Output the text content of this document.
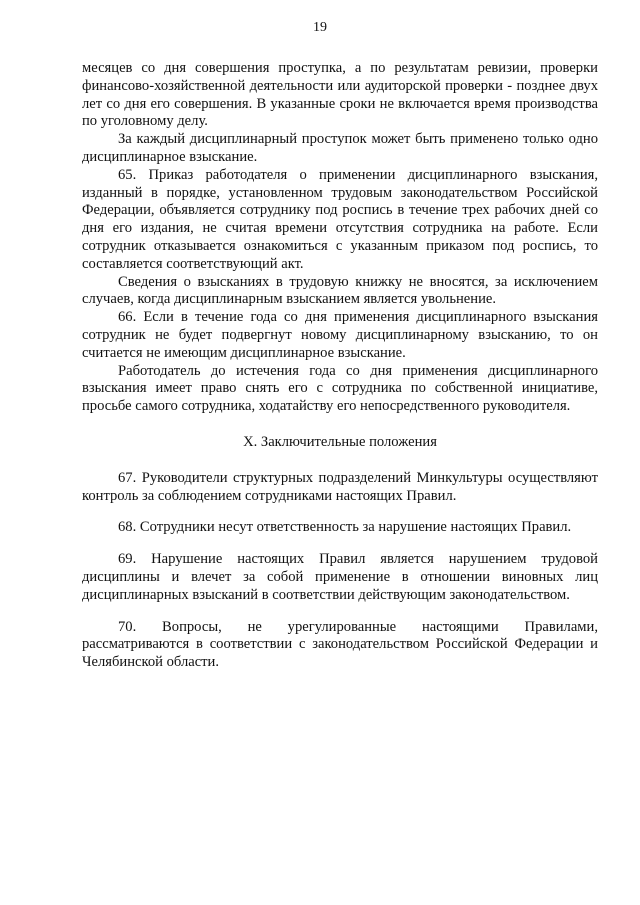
19

месяцев со дня совершения проступка, а по результатам ревизии, проверки финансово-хозяйственной деятельности или аудиторской проверки - позднее двух лет со дня его совершения. В указанные сроки не включается время производства по уголовному делу.

За каждый дисциплинарный проступок может быть применено только одно дисциплинарное взыскание.

65. Приказ работодателя о применении дисциплинарного взыскания, изданный в порядке, установленном трудовым законодательством Российской Федерации, объявляется сотруднику под роспись в течение трех рабочих дней со дня его издания, не считая времени отсутствия сотрудника на работе. Если сотрудник отказывается ознакомиться с указанным приказом под роспись, то составляется соответствующий акт.

Сведения о взысканиях в трудовую книжку не вносятся, за исключением случаев, когда дисциплинарным взысканием является увольнение.

66. Если в течение года со дня применения дисциплинарного взыскания сотрудник не будет подвергнут новому дисциплинарному взысканию, то он считается не имеющим дисциплинарное взыскание.

Работодатель до истечения года со дня применения дисциплинарного взыскания имеет право снять его с сотрудника по собственной инициативе, просьбе самого сотрудника, ходатайству его непосредственного руководителя.

X. Заключительные положения

67. Руководители структурных подразделений Минкультуры осуществляют контроль за соблюдением сотрудниками настоящих Правил.

68. Сотрудники несут ответственность за нарушение настоящих Правил.

69. Нарушение настоящих Правил является нарушением трудовой дисциплины и влечет за собой применение в отношении виновных лиц дисциплинарных взысканий в соответствии действующим законодательством.

70. Вопросы, не урегулированные настоящими Правилами, рассматриваются в соответствии с законодательством Российской Федерации и Челябинской области.
